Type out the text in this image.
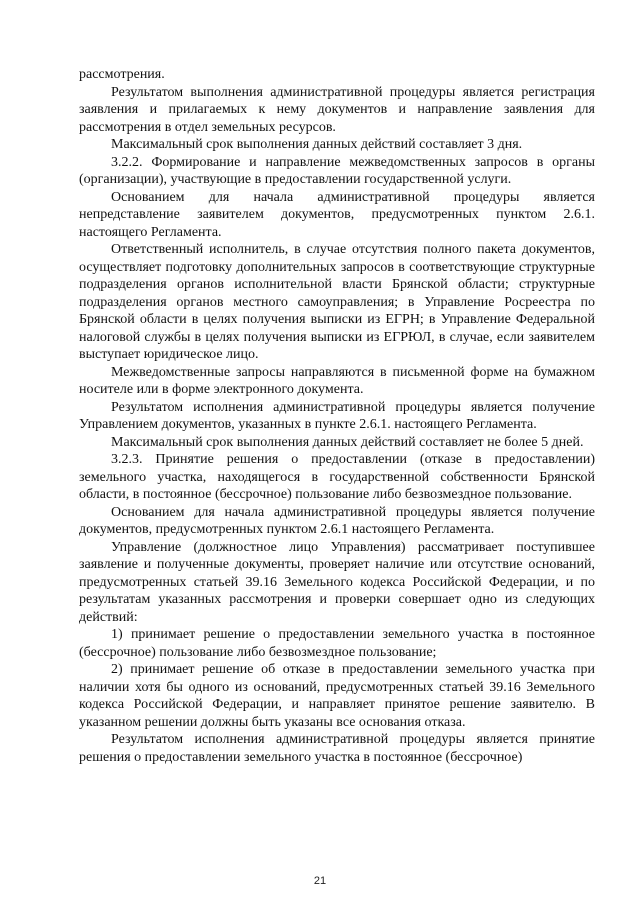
рассмотрения.

Результатом выполнения административной процедуры является регистрация заявления и прилагаемых к нему документов и направление заявления для рассмотрения в отдел земельных ресурсов.

Максимальный срок выполнения данных действий составляет 3 дня.

3.2.2. Формирование и направление межведомственных запросов в органы (организации), участвующие в предоставлении государственной услуги.

Основанием для начала административной процедуры является непредставление заявителем документов, предусмотренных пунктом 2.6.1. настоящего Регламента.

Ответственный исполнитель, в случае отсутствия полного пакета документов, осуществляет подготовку дополнительных запросов в соответствующие структурные подразделения органов исполнительной власти Брянской области; структурные подразделения органов местного самоуправления; в Управление Росреестра по Брянской области в целях получения выписки из ЕГРН; в Управление Федеральной налоговой службы в целях получения выписки из ЕГРЮЛ, в случае, если заявителем выступает юридическое лицо.

Межведомственные запросы направляются в письменной форме на бумажном носителе или в форме электронного документа.

Результатом исполнения административной процедуры является получение Управлением документов, указанных в пункте 2.6.1. настоящего Регламента.

Максимальный срок выполнения данных действий составляет не более 5 дней.

3.2.3. Принятие решения о предоставлении (отказе в предоставлении) земельного участка, находящегося в государственной собственности Брянской области, в постоянное (бессрочное) пользование либо безвозмездное пользование.

Основанием для начала административной процедуры является получение документов, предусмотренных пунктом 2.6.1 настоящего Регламента.

Управление (должностное лицо Управления) рассматривает поступившее заявление и полученные документы, проверяет наличие или отсутствие оснований, предусмотренных статьей 39.16 Земельного кодекса Российской Федерации, и по результатам указанных рассмотрения и проверки совершает одно из следующих действий:

1) принимает решение о предоставлении земельного участка в постоянное (бессрочное) пользование либо безвозмездное пользование;

2) принимает решение об отказе в предоставлении земельного участка при наличии хотя бы одного из оснований, предусмотренных статьей 39.16 Земельного кодекса Российской Федерации, и направляет принятое решение заявителю. В указанном решении должны быть указаны все основания отказа.

Результатом исполнения административной процедуры является принятие решения о предоставлении земельного участка в постоянное (бессрочное)

21
